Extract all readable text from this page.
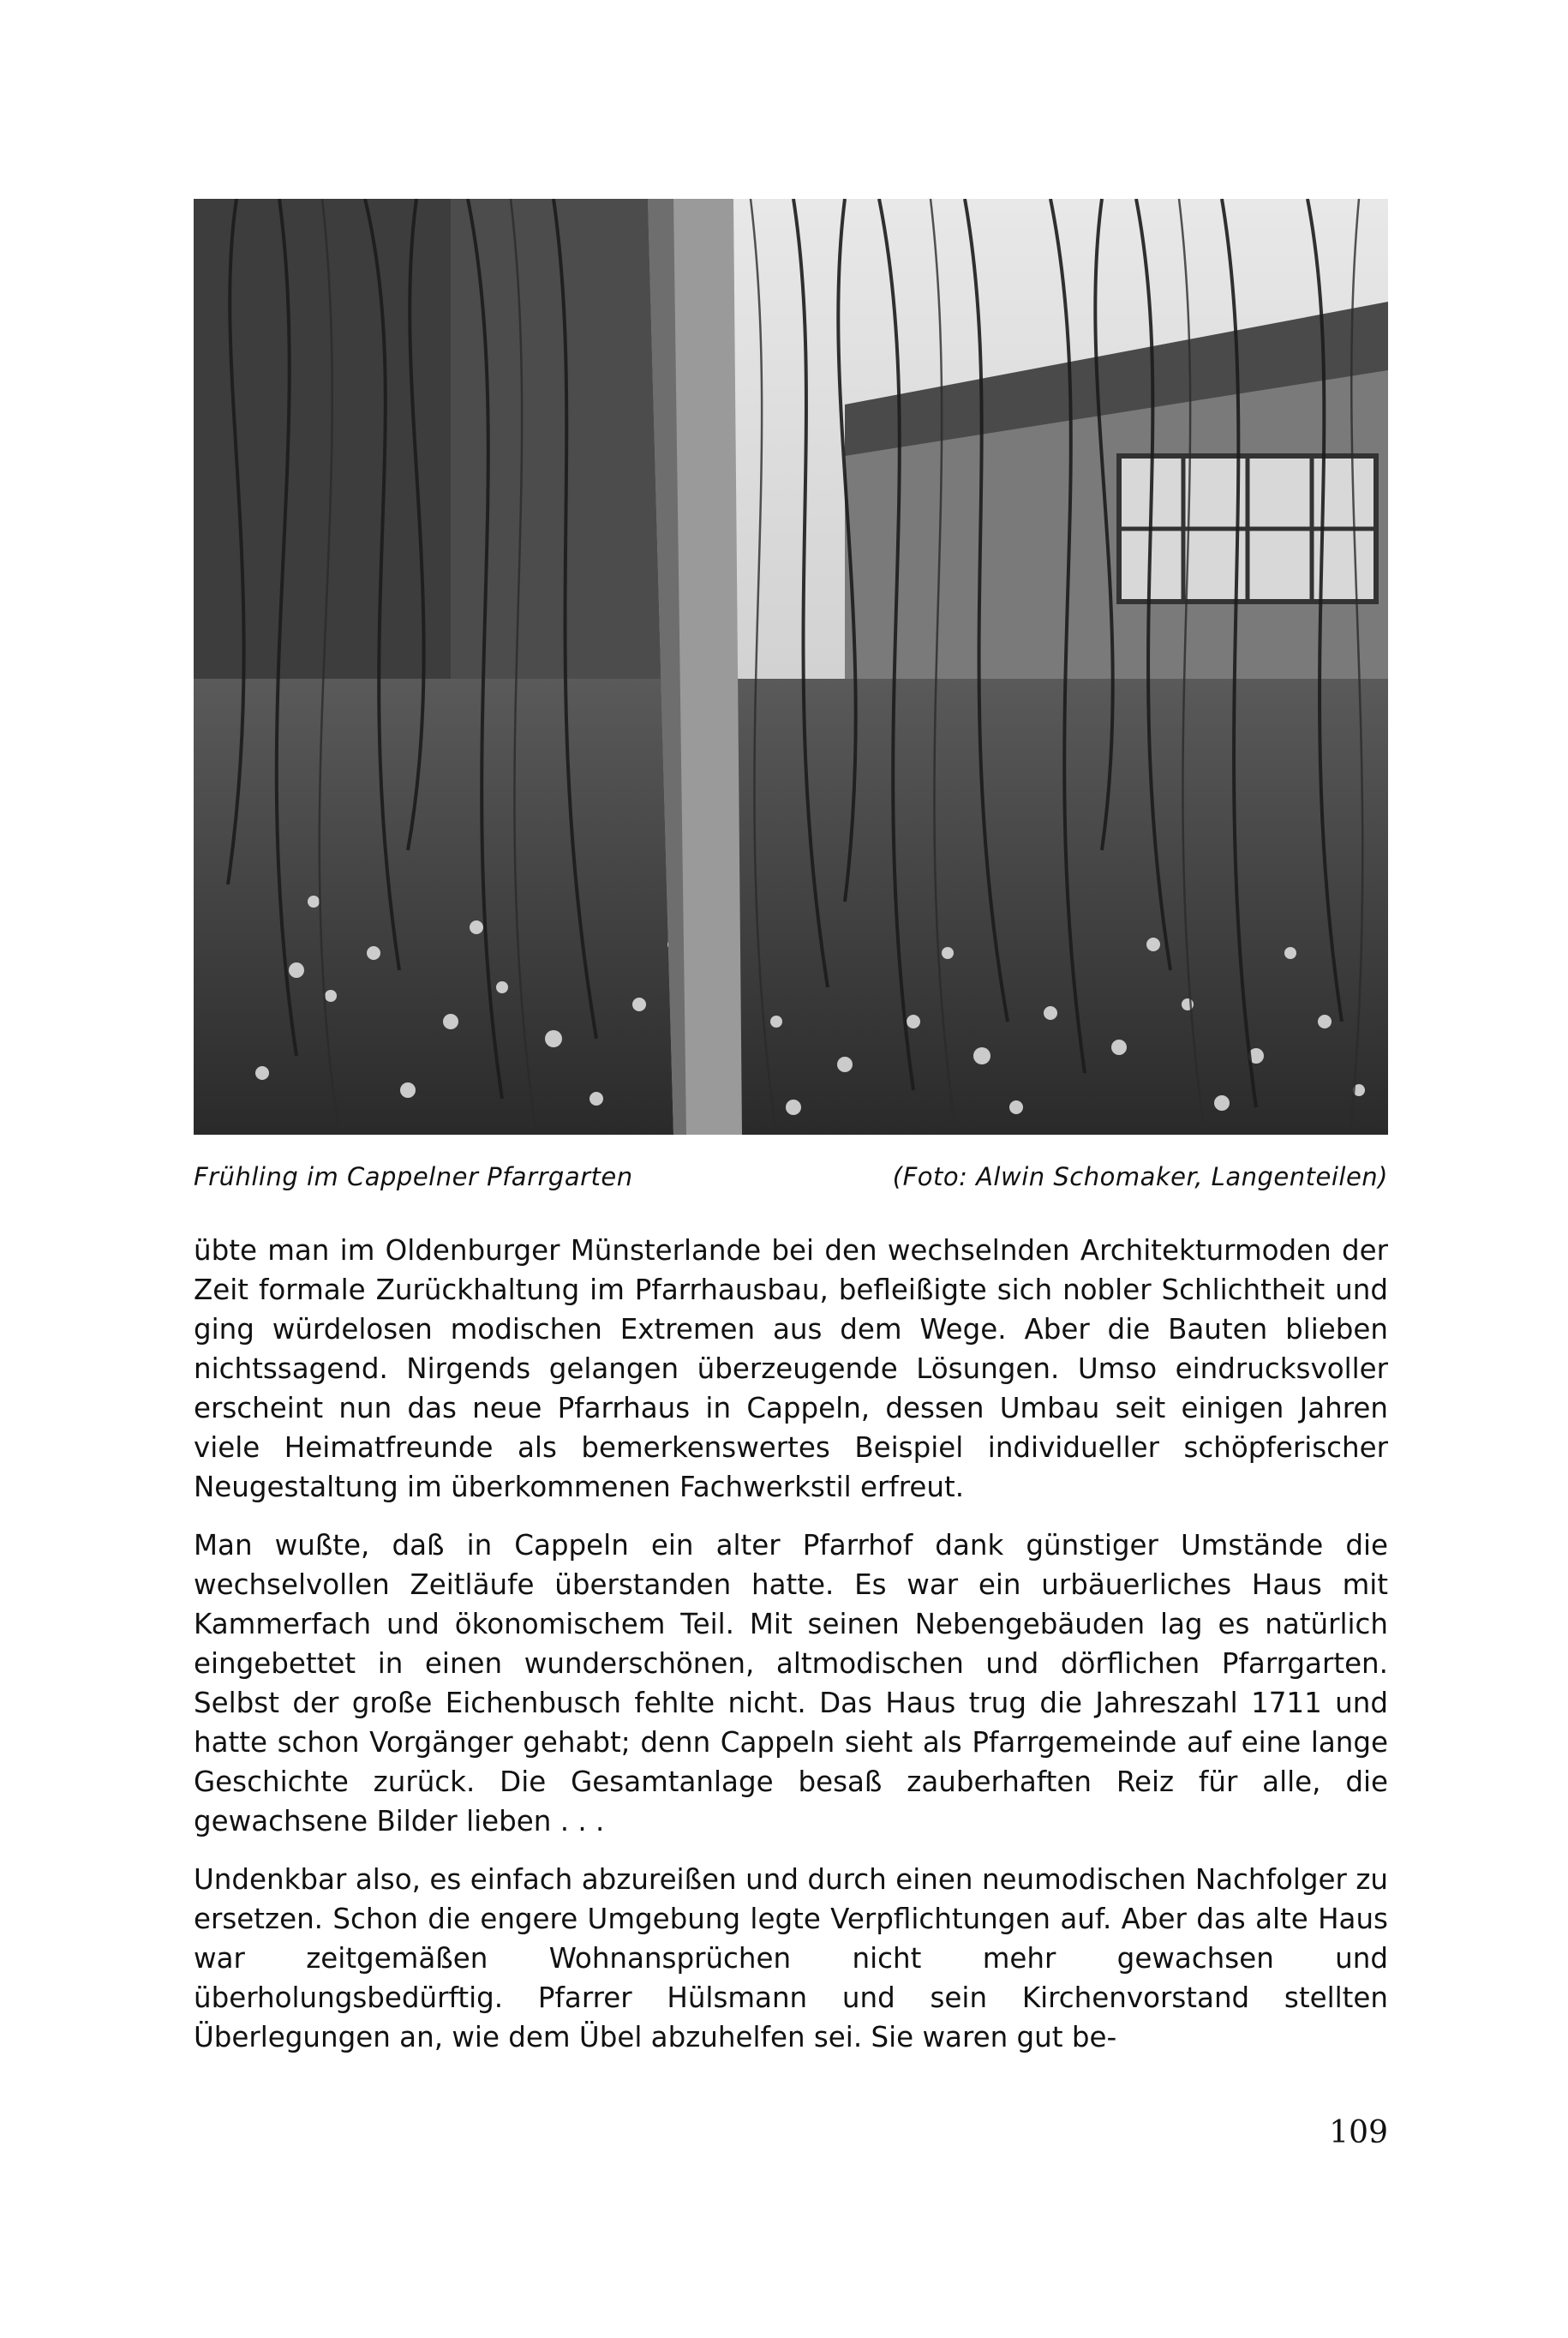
Frühling im Cappelner Pfarrgarten	(Foto: Alwin Schomaker, Langenteilen)

übte man im Oldenburger Münsterlande bei den wechselnden Architekturmoden der Zeit formale Zurückhaltung im Pfarrhausbau, befleißigte sich nobler Schlichtheit und ging würdelosen modischen Extremen aus dem Wege. Aber die Bauten blieben nichtssagend. Nirgends gelangen überzeugende Lösungen. Umso eindrucksvoller erscheint nun das neue Pfarrhaus in Cappeln, dessen Umbau seit einigen Jahren viele Heimatfreunde als bemerkenswertes Beispiel individueller schöpferischer Neugestaltung im überkommenen Fachwerkstil erfreut.

Man wußte, daß in Cappeln ein alter Pfarrhof dank günstiger Umstände die wechselvollen Zeitläufe überstanden hatte. Es war ein urbäuerliches Haus mit Kammerfach und ökonomischem Teil. Mit seinen Nebengebäuden lag es natürlich eingebettet in einen wunderschönen, altmodischen und dörflichen Pfarrgarten. Selbst der große Eichenbusch fehlte nicht. Das Haus trug die Jahreszahl 1711 und hatte schon Vorgänger gehabt; denn Cappeln sieht als Pfarrgemeinde auf eine lange Geschichte zurück. Die Gesamtanlage besaß zauberhaften Reiz für alle, die gewachsene Bilder lieben . . .

Undenkbar also, es einfach abzureißen und durch einen neumodischen Nachfolger zu ersetzen. Schon die engere Umgebung legte Verpflichtungen auf. Aber das alte Haus war zeitgemäßen Wohnansprüchen nicht mehr gewachsen und überholungsbedürftig. Pfarrer Hülsmann und sein Kirchenvorstand stellten Überlegungen an, wie dem Übel abzuhelfen sei. Sie waren gut be-

109
